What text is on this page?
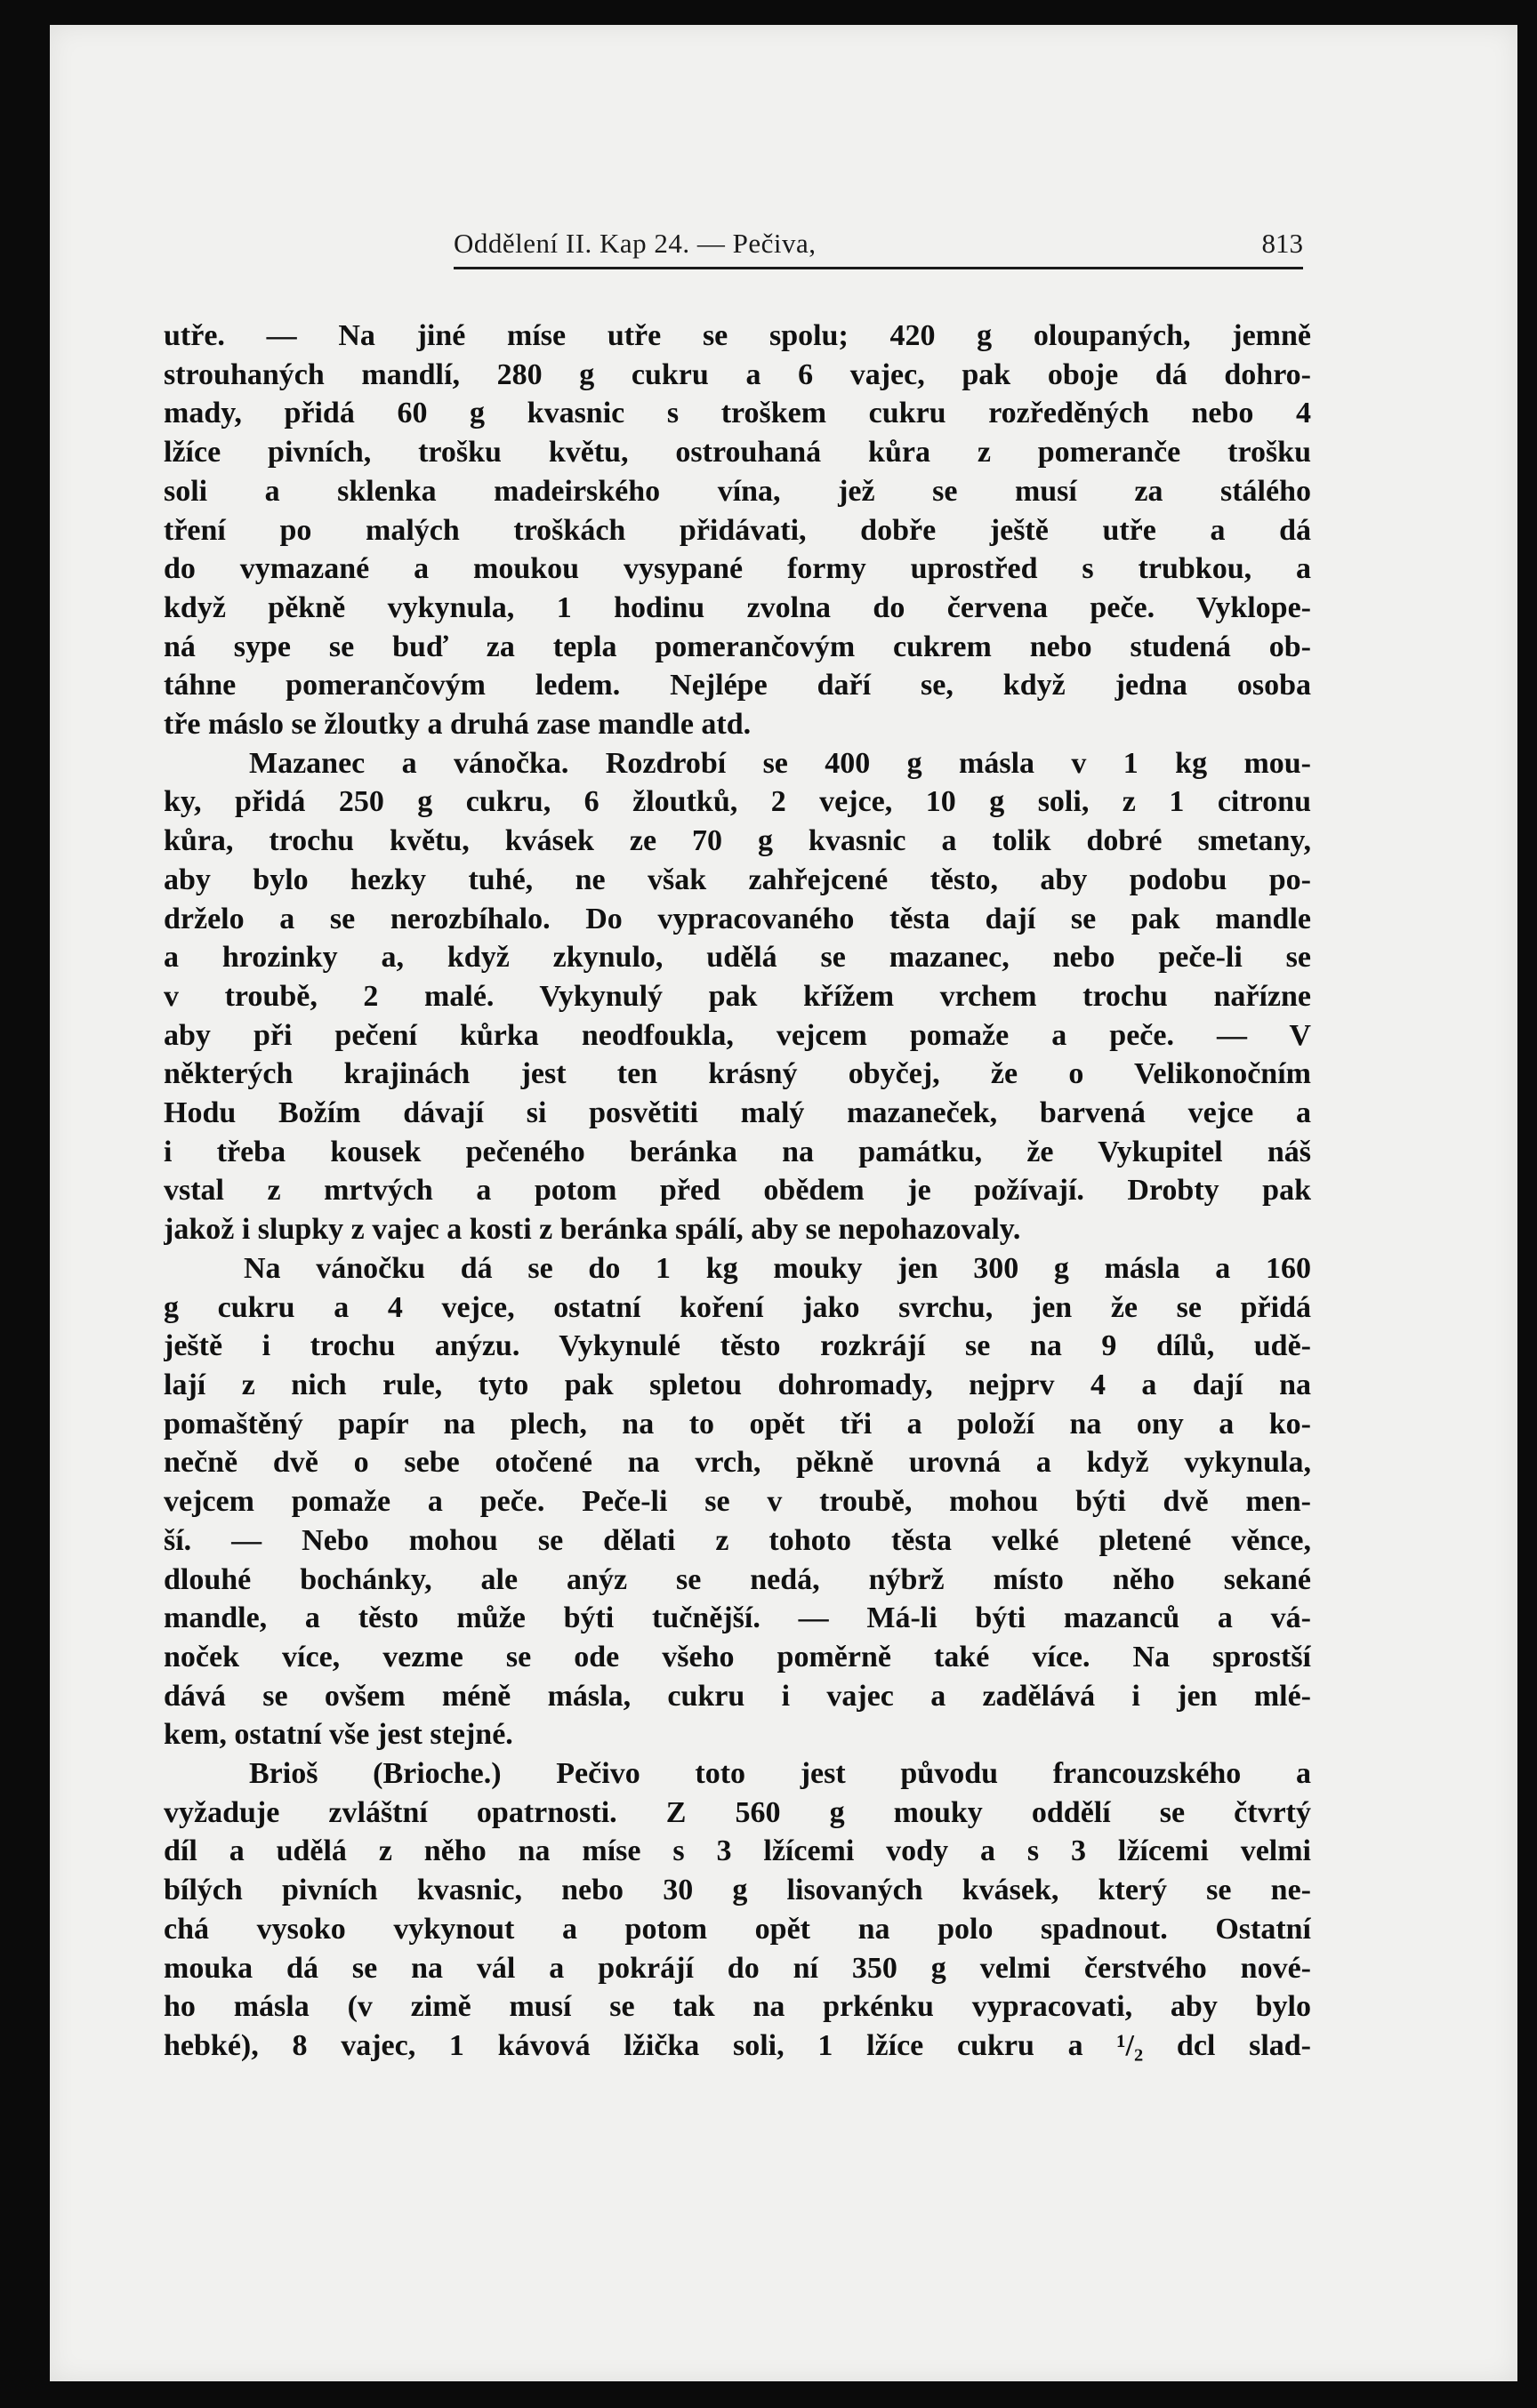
Oddělení II. Kap 24. — Pečiva,	813
utře. — Na jiné míse utře se spolu; 420 g oloupaných, jemně
strouhaných mandlí, 280 g cukru a 6 vajec, pak oboje dá dohro-
mady, přidá 60 g kvasnic s troškem cukru rozředěných nebo 4
lžíce pivních, trošku květu, ostrouhaná kůra z pomeranče trošku
soli a sklenka madeirského vína, jež se musí za stálého
tření po malých troškách přidávati, dobře ještě utře a dá
do vymazané a moukou vysypané formy uprostřed s trubkou, a
když pěkně vykynula, 1 hodinu zvolna do červena peče. Vyklope-
ná sype se buď za tepla pomerančovým cukrem nebo studená ob-
táhne pomerančovým ledem. Nejlépe daří se, když jedna osoba
tře máslo se žloutky a druhá zase mandle atd.
Mazanec a vánočka. Rozdrobí se 400 g másla v 1 kg mou-
ky, přidá 250 g cukru, 6 žloutků, 2 vejce, 10 g soli, z 1 citronu
kůra, trochu květu, kvásek ze 70 g kvasnic a tolik dobré smetany,
aby bylo hezky tuhé, ne však zahřejcené těsto, aby podobu po-
drželo a se nerozbíhalo. Do vypracovaného těsta dají se pak mandle
a hrozinky a, když zkynulo, udělá se mazanec, nebo peče-li se
v troubě, 2 malé. Vykynulý pak křížem vrchem trochu nařízne
aby při pečení kůrka neodfoukla, vejcem pomaže a peče. — V
některých krajinách jest ten krásný obyčej, že o Velikonočním
Hodu Božím dávají si posvětiti malý mazaneček, barvená vejce a
i třeba kousek pečeného beránka na památku, že Vykupitel náš
vstal z mrtvých a potom před obědem je požívají. Drobty pak
jakož i slupky z vajec a kosti z beránka spálí, aby se nepohazovaly.
Na vánočku dá se do 1 kg mouky jen 300 g másla a 160
g cukru a 4 vejce, ostatní koření jako svrchu, jen že se přidá
ještě i trochu anýzu. Vykynulé těsto rozkrájí se na 9 dílů, udě-
lají z nich rule, tyto pak spletou dohromady, nejprv 4 a dají na
pomaštěný papír na plech, na to opět tři a položí na ony a ko-
nečně dvě o sebe otočené na vrch, pěkně urovná a když vykynula,
vejcem pomaže a peče. Peče-li se v troubě, mohou býti dvě men-
ší. — Nebo mohou se dělati z tohoto těsta velké pletené věnce,
dlouhé bochánky, ale anýz se nedá, nýbrž místo něho sekané
mandle, a těsto může býti tučnější. — Má-li býti mazanců a vá-
noček více, vezme se ode všeho poměrně také více. Na sprostší
dává se ovšem méně másla, cukru i vajec a zadělává i jen mlé-
kem, ostatní vše jest stejné.
Brioš (Brioche.) Pečivo toto jest původu francouzského a
vyžaduje zvláštní opatrnosti. Z 560 g mouky oddělí se čtvrtý
díl a udělá z něho na míse s 3 lžícemi vody a s 3 lžícemi velmi
bílých pivních kvasnic, nebo 30 g lisovaných kvásek, který se ne-
chá vysoko vykynout a potom opět na polo spadnout. Ostatní
mouka dá se na vál a pokrájí do ní 350 g velmi čerstvého nové-
ho másla (v zimě musí se tak na prkénku vypracovati, aby bylo
hebké), 8 vajec, 1 kávová lžička soli, 1 lžíce cukru a ¹/₂ dcl slad-
